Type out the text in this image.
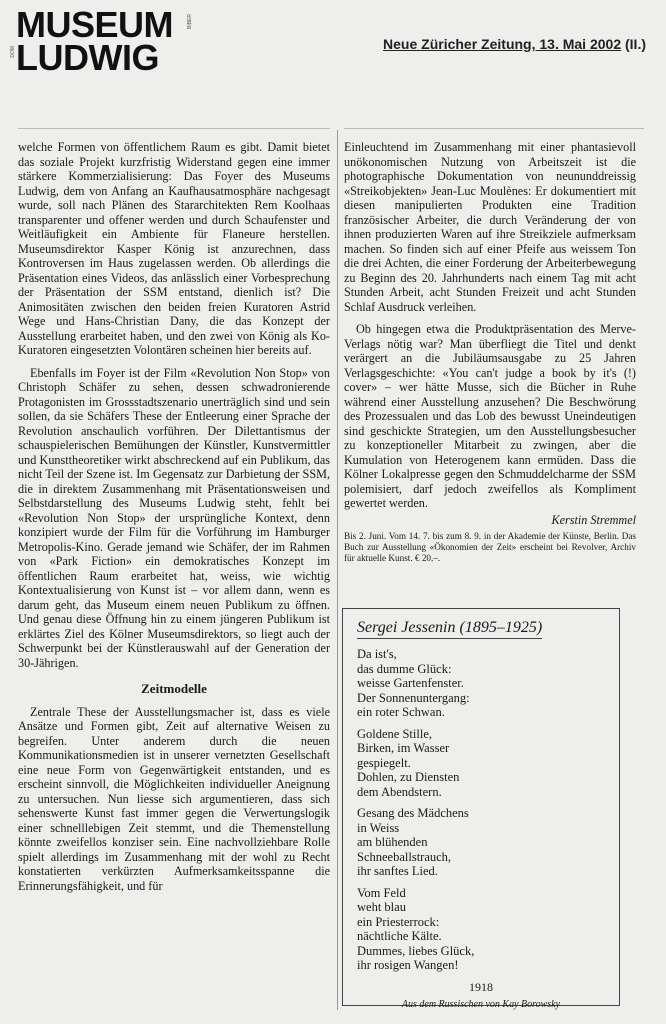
MUSEUM
LUDWIG
DOM
BIBER
Neue Züricher Zeitung, 13. Mai 2002 (II.)

welche Formen von öffentlichem Raum es gibt. Damit bietet das soziale Projekt kurzfristig Widerstand gegen eine immer stärkere Kommerzialisierung: Das Foyer des Museums Ludwig, dem von Anfang an Kaufhausatmosphäre nachgesagt wurde, soll nach Plänen des Stararchitekten Rem Koolhaas transparenter und offener werden und durch Schaufenster und Weitläufigkeit ein Ambiente für Flaneure herstellen. Museumsdirektor Kasper König ist anzurechnen, dass Kontroversen im Haus zugelassen werden. Ob allerdings die Präsentation eines Videos, das anlässlich einer Vorbesprechung der Präsentation der SSM entstand, dienlich ist? Die Animositäten zwischen den beiden freien Kuratoren Astrid Wege und Hans-Christian Dany, die das Konzept der Ausstellung erarbeitet haben, und den zwei von König als Ko-Kuratoren eingesetzten Volontären scheinen hier bereits auf.

Ebenfalls im Foyer ist der Film «Revolution Non Stop» von Christoph Schäfer zu sehen, dessen schwadronierende Protagonisten im Grossstadtszenario unerträglich sind und sein sollen, da sie Schäfers These der Entleerung einer Sprache der Revolution anschaulich vorführen. Der Dilettantismus der schauspielerischen Bemühungen der Künstler, Kunstvermittler und Kunsttheoretiker wirkt abschreckend auf ein Publikum, das nicht Teil der Szene ist. Im Gegensatz zur Darbietung der SSM, die in direktem Zusammenhang mit Präsentationsweisen und Selbstdarstellung des Museums Ludwig steht, fehlt bei «Revolution Non Stop» der ursprüngliche Kontext, denn konzipiert wurde der Film für die Vorführung im Hamburger Metropolis-Kino. Gerade jemand wie Schäfer, der im Rahmen von «Park Fiction» ein demokratisches Konzept im öffentlichen Raum erarbeitet hat, weiss, wie wichtig Kontextualisierung von Kunst ist – vor allem dann, wenn es darum geht, das Museum einem neuen Publikum zu öffnen. Und genau diese Öffnung hin zu einem jüngeren Publikum ist erklärtes Ziel des Kölner Museumsdirektors, so liegt auch der Schwerpunkt bei der Künstlerauswahl auf der Generation der 30-Jährigen.

Zeitmodelle

Zentrale These der Ausstellungsmacher ist, dass es viele Ansätze und Formen gibt, Zeit auf alternative Weisen zu begreifen. Unter anderem durch die neuen Kommunikationsmedien ist in unserer vernetzten Gesellschaft eine neue Form von Gegenwärtigkeit entstanden, und es erscheint sinnvoll, die Möglichkeiten individueller Aneignung zu untersuchen. Nun liesse sich argumentieren, dass sich sehenswerte Kunst fast immer gegen die Verwertungslogik einer schnelllebigen Zeit stemmt, und die Themenstellung könnte zweifellos konziser sein. Eine nachvollziehbare Rolle spielt allerdings im Zusammenhang mit der wohl zu Recht konstatierten verkürzten Aufmerksamkeitsspanne die Erinnerungsfähigkeit, und für

Einleuchtend im Zusammenhang mit einer phantasievoll unökonomischen Nutzung von Arbeitszeit ist die photographische Dokumentation von neununddreissig «Streikobjekten» Jean-Luc Moulènes: Er dokumentiert mit diesen manipulierten Produkten eine Tradition französischer Arbeiter, die durch Veränderung der von ihnen produzierten Waren auf ihre Streikziele aufmerksam machen. So finden sich auf einer Pfeife aus weissem Ton die drei Achten, die einer Forderung der Arbeiterbewegung zu Beginn des 20. Jahrhunderts nach einem Tag mit acht Stunden Arbeit, acht Stunden Freizeit und acht Stunden Schlaf Ausdruck verleihen.

Ob hingegen etwa die Produktpräsentation des Merve-Verlags nötig war? Man überfliegt die Titel und denkt verärgert an die Jubiläumsausgabe zu 25 Jahren Verlagsgeschichte: «You can't judge a book by it's (!) cover» – wer hätte Musse, sich die Bücher in Ruhe während einer Ausstellung anzusehen? Die Beschwörung des Prozessualen und das Lob des bewusst Uneindeutigen sind geschickte Strategien, um den Ausstellungsbesucher zu konzeptioneller Mitarbeit zu zwingen, aber die Kumulation von Heterogenem kann ermüden. Dass die Kölner Lokalpresse gegen den Schmuddelcharme der SSM polemisiert, darf jedoch zweifellos als Kompliment gewertet werden.

Kerstin Stremmel
Bis 2. Juni. Vom 14. 7. bis zum 8. 9. in der Akademie der Künste, Berlin. Das Buch zur Ausstellung «Ökonomien der Zeit» erscheint bei Revolver, Archiv für aktuelle Kunst. € 20.–.
Sergei Jessenin (1895–1925)
Da ist's,
das dumme Glück:
weisse Gartenfenster.
Der Sonnenuntergang:
ein roter Schwan.
Goldene Stille,
Birken, im Wasser
gespiegelt.
Dohlen, zu Diensten
dem Abendstern.
Gesang des Mädchens
in Weiss
am blühenden
Schneeballstrauch,
ihr sanftes Lied.
Vom Feld
weht blau
ein Priesterrock:
nächtliche Kälte.
Dummes, liebes Glück,
ihr rosigen Wangen!
1918
Aus dem Russischen von Kay Borowsky
